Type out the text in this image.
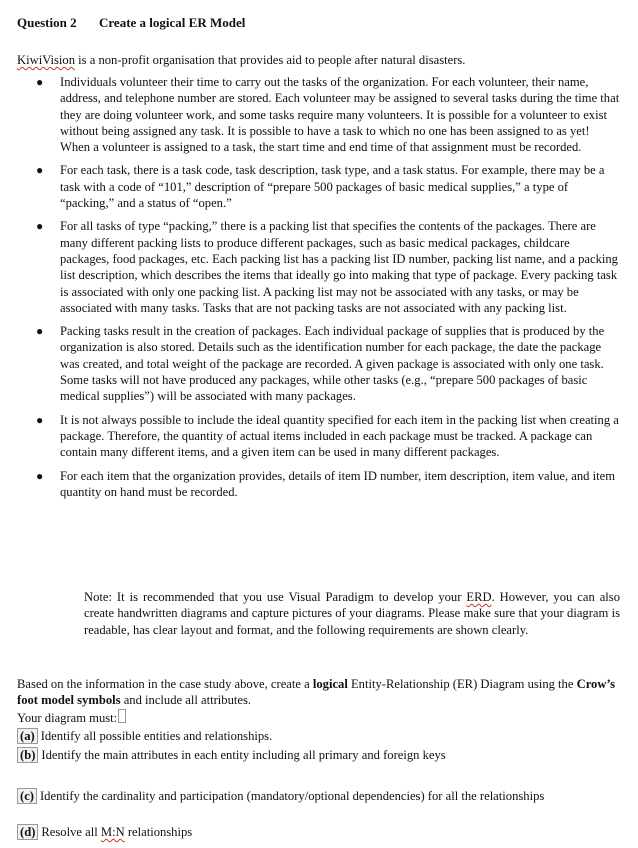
Question 2 Create a logical ER Model
KiwiVision is a non-profit organisation that provides aid to people after natural disasters.
● Individuals volunteer their time to carry out the tasks of the organization. For each volunteer, their name, address, and telephone number are stored. Each volunteer may be assigned to several tasks during the time that they are doing volunteer work, and some tasks require many volunteers. It is possible for a volunteer to exist without being assigned any task. It is possible to have a task to which no one has been assigned to as yet! When a volunteer is assigned to a task, the start time and end time of that assignment must be recorded.
● For each task, there is a task code, task description, task type, and a task status. For example, there may be a task with a code of “101,” description of “prepare 500 packages of basic medical supplies,” a type of “packing,” and a status of “open.”
● For all tasks of type “packing,” there is a packing list that specifies the contents of the packages. There are many different packing lists to produce different packages, such as basic medical packages, childcare packages, food packages, etc. Each packing list has a packing list ID number, packing list name, and a packing list description, which describes the items that ideally go into making that type of package. Every packing task is associated with only one packing list. A packing list may not be associated with any tasks, or may be associated with many tasks. Tasks that are not packing tasks are not associated with any packing list.
● Packing tasks result in the creation of packages. Each individual package of supplies that is produced by the organization is also stored. Details such as the identification number for each package, the date the package was created, and total weight of the package are recorded. A given package is associated with only one task. Some tasks will not have produced any packages, while other tasks (e.g., “prepare 500 packages of basic medical supplies”) will be associated with many packages.
● It is not always possible to include the ideal quantity specified for each item in the packing list when creating a package. Therefore, the quantity of actual items included in each package must be tracked. A package can contain many different items, and a given item can be used in many different packages.
● For each item that the organization provides, details of item ID number, item description, item value, and item quantity on hand must be recorded.
Note: It is recommended that you use Visual Paradigm to develop your ERD. However, you can also create handwritten diagrams and capture pictures of your diagrams. Please make sure that your diagram is readable, has clear layout and format, and the following requirements are shown clearly.
Based on the information in the case study above, create a logical Entity-Relationship (ER) Diagram using the Crow’s foot model symbols and include all attributes.
Your diagram must:
(a) Identify all possible entities and relationships.
(b) Identify the main attributes in each entity including all primary and foreign keys
(c) Identify the cardinality and participation (mandatory/optional dependencies) for all the relationships
(d) Resolve all M:N relationships
